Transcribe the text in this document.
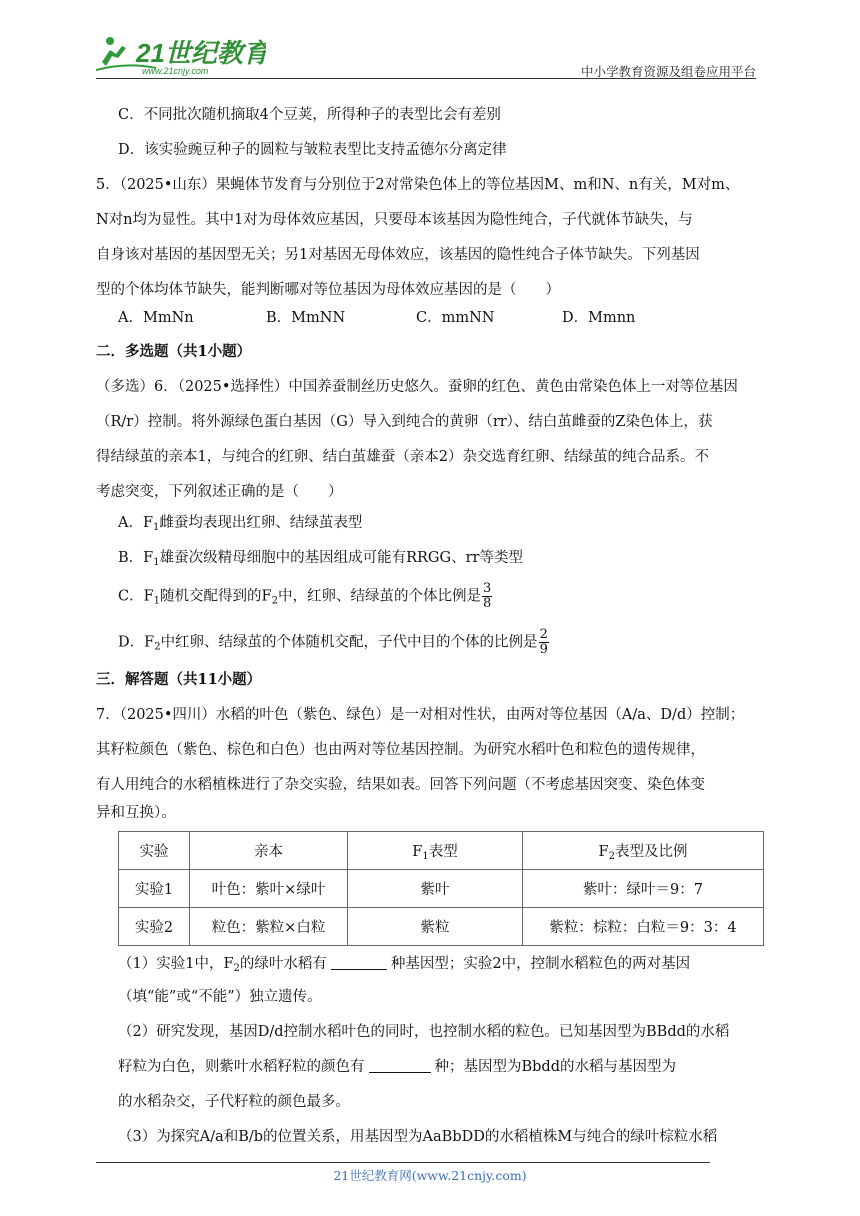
21世纪教育
www.21cnjy.com	中小学教育资源及组卷应用平台
C．不同批次随机摘取4个豆荚，所得种子的表型比会有差别
D．该实验豌豆种子的圆粒与皱粒表型比支持孟德尔分离定律
5．（2025•山东）果蝇体节发育与分别位于2对常染色体上的等位基因M、m和N、n有关，M对m、
N对n均为显性。其中1对为母体效应基因，只要母本该基因为隐性纯合，子代就体节缺失，与
自身该对基因的基因型无关；另1对基因无母体效应，该基因的隐性纯合子体节缺失。下列基因
型的个体均体节缺失，能判断哪对等位基因为母体效应基因的是（　　）
A．MmNn	B．MmNN	C．mmNN	D．Mmnn
二．多选题（共1小题）
（多选）6．（2025•选择性）中国养蚕制丝历史悠久。蚕卵的红色、黄色由常染色体上一对等位基因
（R/r）控制。将外源绿色蛋白基因（G）导入到纯合的黄卵（rr）、结白茧雌蚕的Z染色体上，获
得结绿茧的亲本1，与纯合的红卵、结白茧雄蚕（亲本2）杂交选育红卵、结绿茧的纯合品系。不
考虑突变，下列叙述正确的是（　　）
A．$F_1$雌蚕均表现出红卵、结绿茧表型
B．$F_1$雄蚕次级精母细胞中的基因组成可能有RRGG、rr等类型
C．$F_1$随机交配得到的$F_2$中，红卵、结绿茧的个体比例是 $\frac{3}{8}$
D．$F_2$中红卵、结绿茧的个体随机交配，子代中目的个体的比例是 $\frac{2}{9}$
三．解答题（共11小题）
7．（2025•四川）水稻的叶色（紫色、绿色）是一对相对性状，由两对等位基因（A/a、D/d）控制；
其籽粒颜色（紫色、棕色和白色）也由两对等位基因控制。为研究水稻叶色和粒色的遗传规律，
有人用纯合的水稻植株进行了杂交实验，结果如表。回答下列问题（不考虑基因突变、染色体变
异和互换）。
实验	亲本	$F_1$表型	$F_2$表型及比例
实验1	叶色：紫叶×绿叶	紫叶	紫叶：绿叶＝9：7
实验2	粒色：紫粒×白粒	紫粒	紫粒：棕粒：白粒＝9：3：4
（1）实验1中，$F_2$的绿叶水稻有	种基因型；实验2中，控制水稻粒色的两对基因
（填“能”或“不能”）独立遗传。
（2）研究发现，基因D/d控制水稻叶色的同时，也控制水稻的粒色。已知基因型为BBdd的水稻
籽粒为白色，则紫叶水稻籽粒的颜色有	种；基因型为Bbdd的水稻与基因型为
的水稻杂交，子代籽粒的颜色最多。
（3）为探究A/a和B/b的位置关系，用基因型为AaBbDD的水稻植株M与纯合的绿叶棕粒水稻
21世纪教育网(www.21cnjy.com)
